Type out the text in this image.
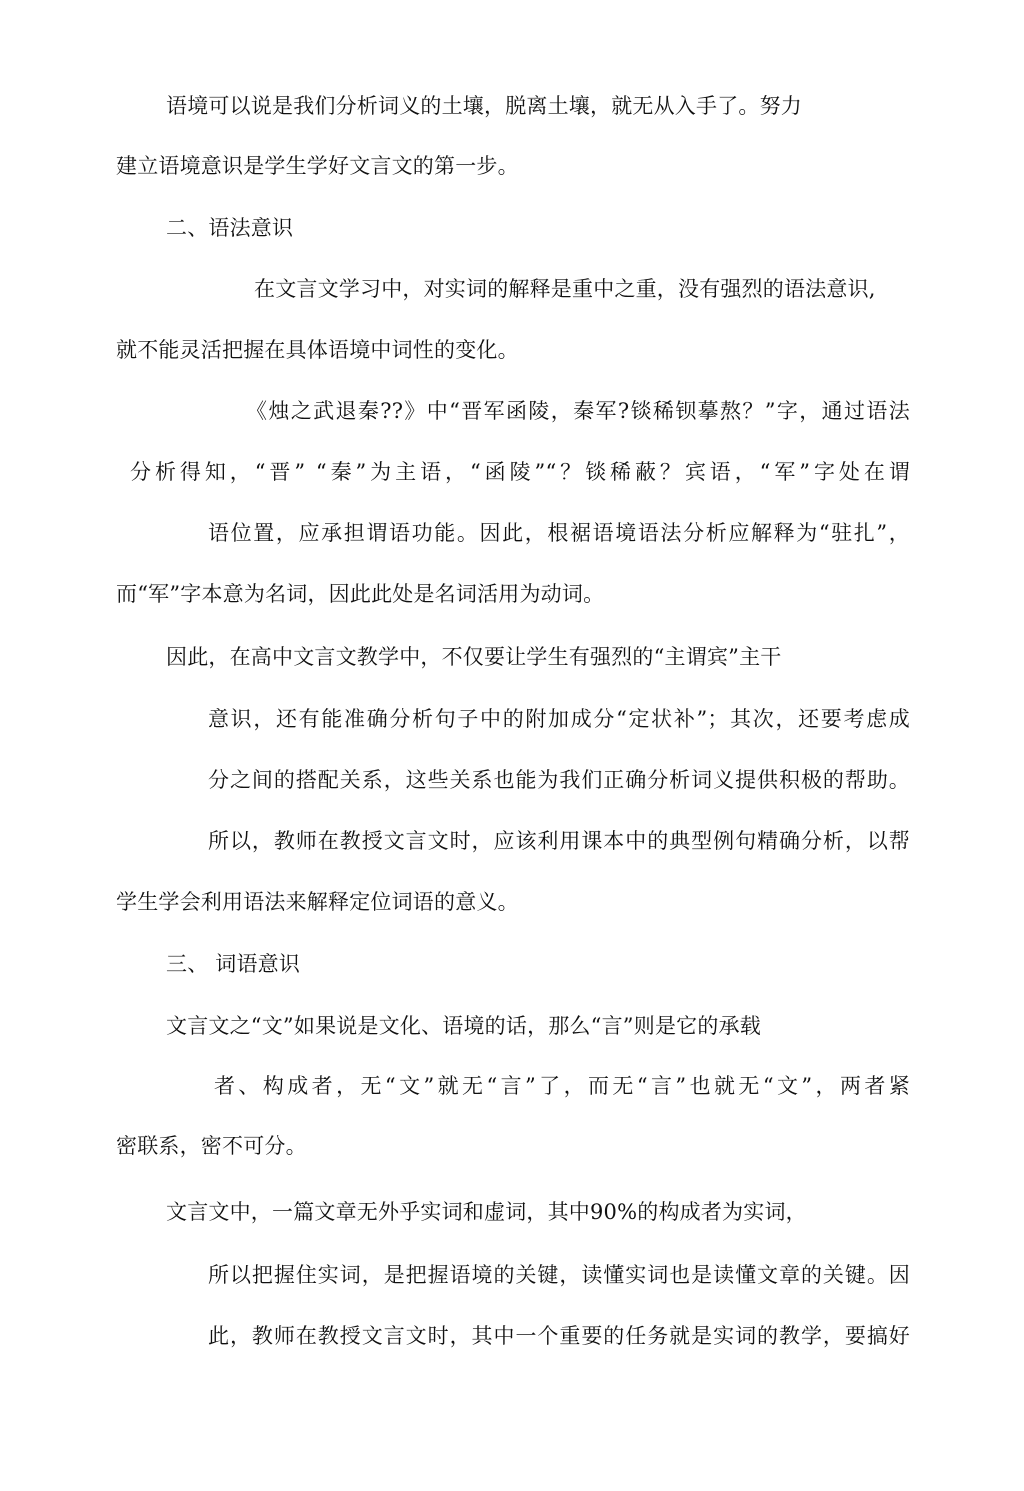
语境可以说是我们分析词义的土壤，脱离土壤，就无从入手了。努力

建立语境意识是学生学好文言文的第一步。

二、语法意识

在文言文学习中，对实词的解释是重中之重，没有强烈的语法意识,

就不能灵活把握在具体语境中词性的变化。

《烛之武退秦??》中“晋军函陵，秦军?锬稀钡摹熬？”字，通过语法

分析得知，“晋” “秦”为主语，“函陵”“？锬稀蔽？宾语，“军”字处在谓

语位置，应承担谓语功能。因此，根裾语境语法分析应解释为“驻扎”，

而“军”字本意为名词，因此此处是名词活用为动词。

因此，在高中文言文教学中，不仅要让学生有强烈的“主谓宾”主干

意识，还有能准确分析句子中的附加成分“定状补”；其次，还要考虑成

分之间的搭配关系，这些关系也能为我们正确分析词义提供积极的帮助。

所以，教师在教授文言文时，应该利用课本中的典型例句精确分析，以帮

学生学会利用语法来解释定位词语的意义。

三、 词语意识

文言文之“文”如果说是文化、语境的话，那么“言”则是它的承载

者、构成者，无“文”就无“言”了，而无“言”也就无“文”，两者紧

密联系，密不可分。

文言文中，一篇文章无外乎实词和虚词，其中90%的构成者为实词，

所以把握住实词，是把握语境的关键，读懂实词也是读懂文章的关键。因

此，教师在教授文言文时，其中一个重要的任务就是实词的教学，要搞好
